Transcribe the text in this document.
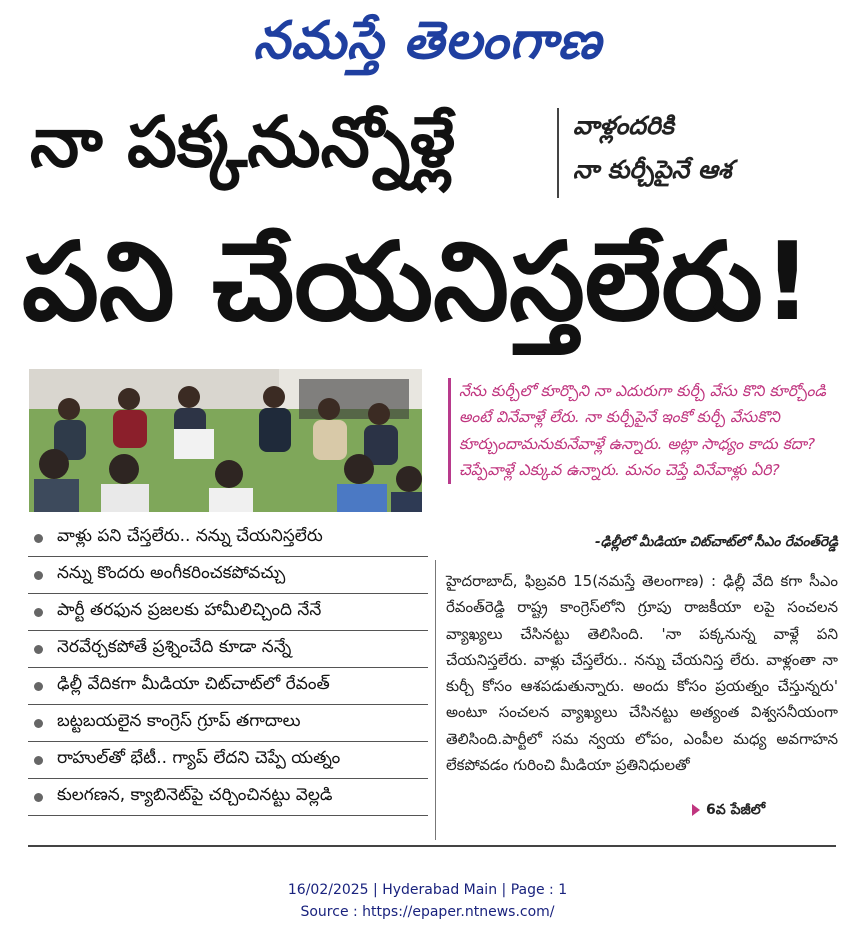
నమస్తే తెలంగాణ
నా పక్కనున్నోళ్లే	వాళ్లందరికి
నా కుర్చీపైనే ఆశ
పని చేయనిస్తలేరు!
నేను కుర్చీలో కూర్చొని నా ఎదురుగా కుర్చీ వేసు కొని కూర్చోండి అంటే వినేవాళ్లే లేరు. నా కుర్చీపైనే ఇంకో కుర్చీ వేసుకొని కూర్చుందామనుకునేవాళ్లే ఉన్నారు. అట్లా సాధ్యం కాదు కదా? చెప్పేవాళ్లే ఎక్కువ ఉన్నారు. మనం చెప్తే వినేవాళ్లు ఏరి?
-ఢిల్లీలో మీడియా చిట్‌చాట్‌లో సీఎం రేవంత్‌రెడ్డి
వాళ్లు పని చేస్తలేరు.. నన్ను చేయనిస్తలేరు
నన్ను కొందరు అంగీకరించకపోవచ్చు
పార్టీ తరఫున ప్రజలకు హామీలిచ్చింది నేనే
నెరవేర్చకపోతే ప్రశ్నించేది కూడా నన్నే
ఢిల్లీ వేదికగా మీడియా చిట్‌చాట్‌లో రేవంత్
బట్టబయలైన కాంగ్రెస్ గ్రూప్ తగాదాలు
రాహుల్‌తో భేటీ.. గ్యాప్ లేదని చెప్పే యత్నం
కులగణన, క్యాబినెట్‌పై చర్చించినట్టు వెల్లడి
హైదరాబాద్, ఫిబ్రవరి 15(నమస్తే తెలంగాణ) : ఢిల్లీ వేది కగా సీఎం రేవంత్‌రెడ్డి రాష్ట్ర కాంగ్రెస్‌లోని గ్రూపు రాజకీయా లపై సంచలన వ్యాఖ్యలు చేసినట్టు తెలిసింది. 'నా పక్కనున్న వాళ్లే పని చేయనిస్తలేరు. వాళ్లు చేస్తలేరు.. నన్ను చేయనిస్త లేరు. వాళ్లంతా నా కుర్చీ కోసం ఆశపడుతున్నారు. అందు కోసం ప్రయత్నం చేస్తున్నరు' అంటూ సంచలన వ్యాఖ్యలు చేసినట్టు అత్యంత విశ్వసనీయంగా తెలిసింది.పార్టీలో సమ న్వయ లోపం, ఎంపీల మధ్య అవగాహన లేకపోవడం గురించి మీడియా ప్రతినిధులతో
6వ పేజీలో
16/02/2025 | Hyderabad Main | Page : 1
Source : https://epaper.ntnews.com/
